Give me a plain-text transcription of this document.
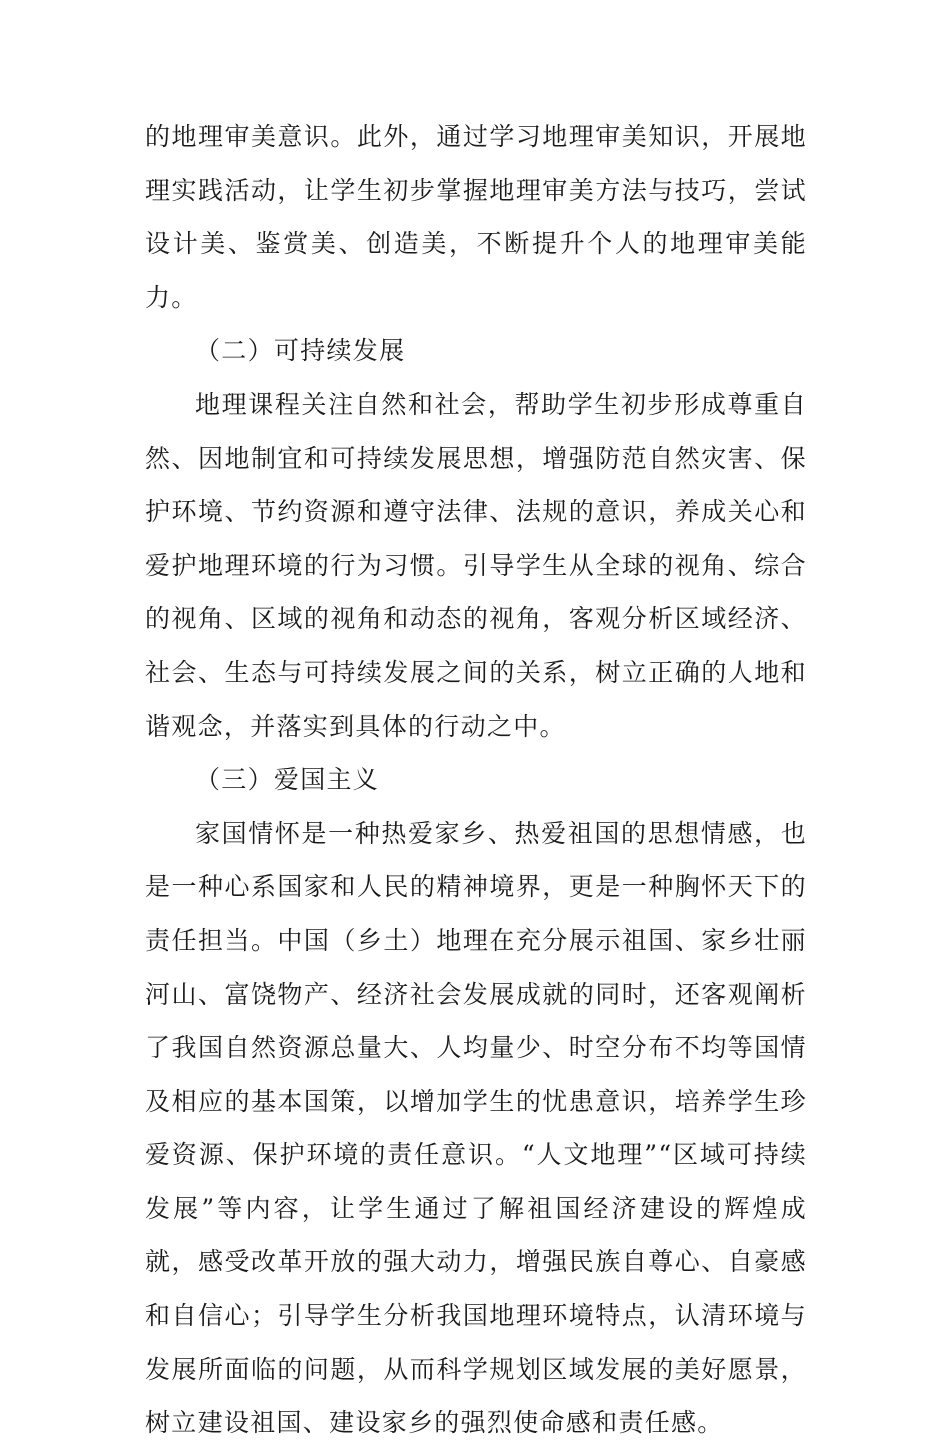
的地理审美意识。此外，通过学习地理审美知识，开展地理实践活动，让学生初步掌握地理审美方法与技巧，尝试设计美、鉴赏美、创造美，不断提升个人的地理审美能力。

（二）可持续发展

地理课程关注自然和社会，帮助学生初步形成尊重自然、因地制宜和可持续发展思想，增强防范自然灾害、保护环境、节约资源和遵守法律、法规的意识，养成关心和爱护地理环境的行为习惯。引导学生从全球的视角、综合的视角、区域的视角和动态的视角，客观分析区域经济、社会、生态与可持续发展之间的关系，树立正确的人地和谐观念，并落实到具体的行动之中。

（三）爱国主义

家国情怀是一种热爱家乡、热爱祖国的思想情感，也是一种心系国家和人民的精神境界，更是一种胸怀天下的责任担当。中国（乡土）地理在充分展示祖国、家乡壮丽河山、富饶物产、经济社会发展成就的同时，还客观阐析了我国自然资源总量大、人均量少、时空分布不均等国情及相应的基本国策，以增加学生的忧患意识，培养学生珍爱资源、保护环境的责任意识。“人文地理”“区域可持续发展”等内容，让学生通过了解祖国经济建设的辉煌成就，感受改革开放的强大动力，增强民族自尊心、自豪感和自信心；引导学生分析我国地理环境特点，认清环境与发展所面临的问题，从而科学规划区域发展的美好愿景，树立建设祖国、建设家乡的强烈使命感和责任感。
